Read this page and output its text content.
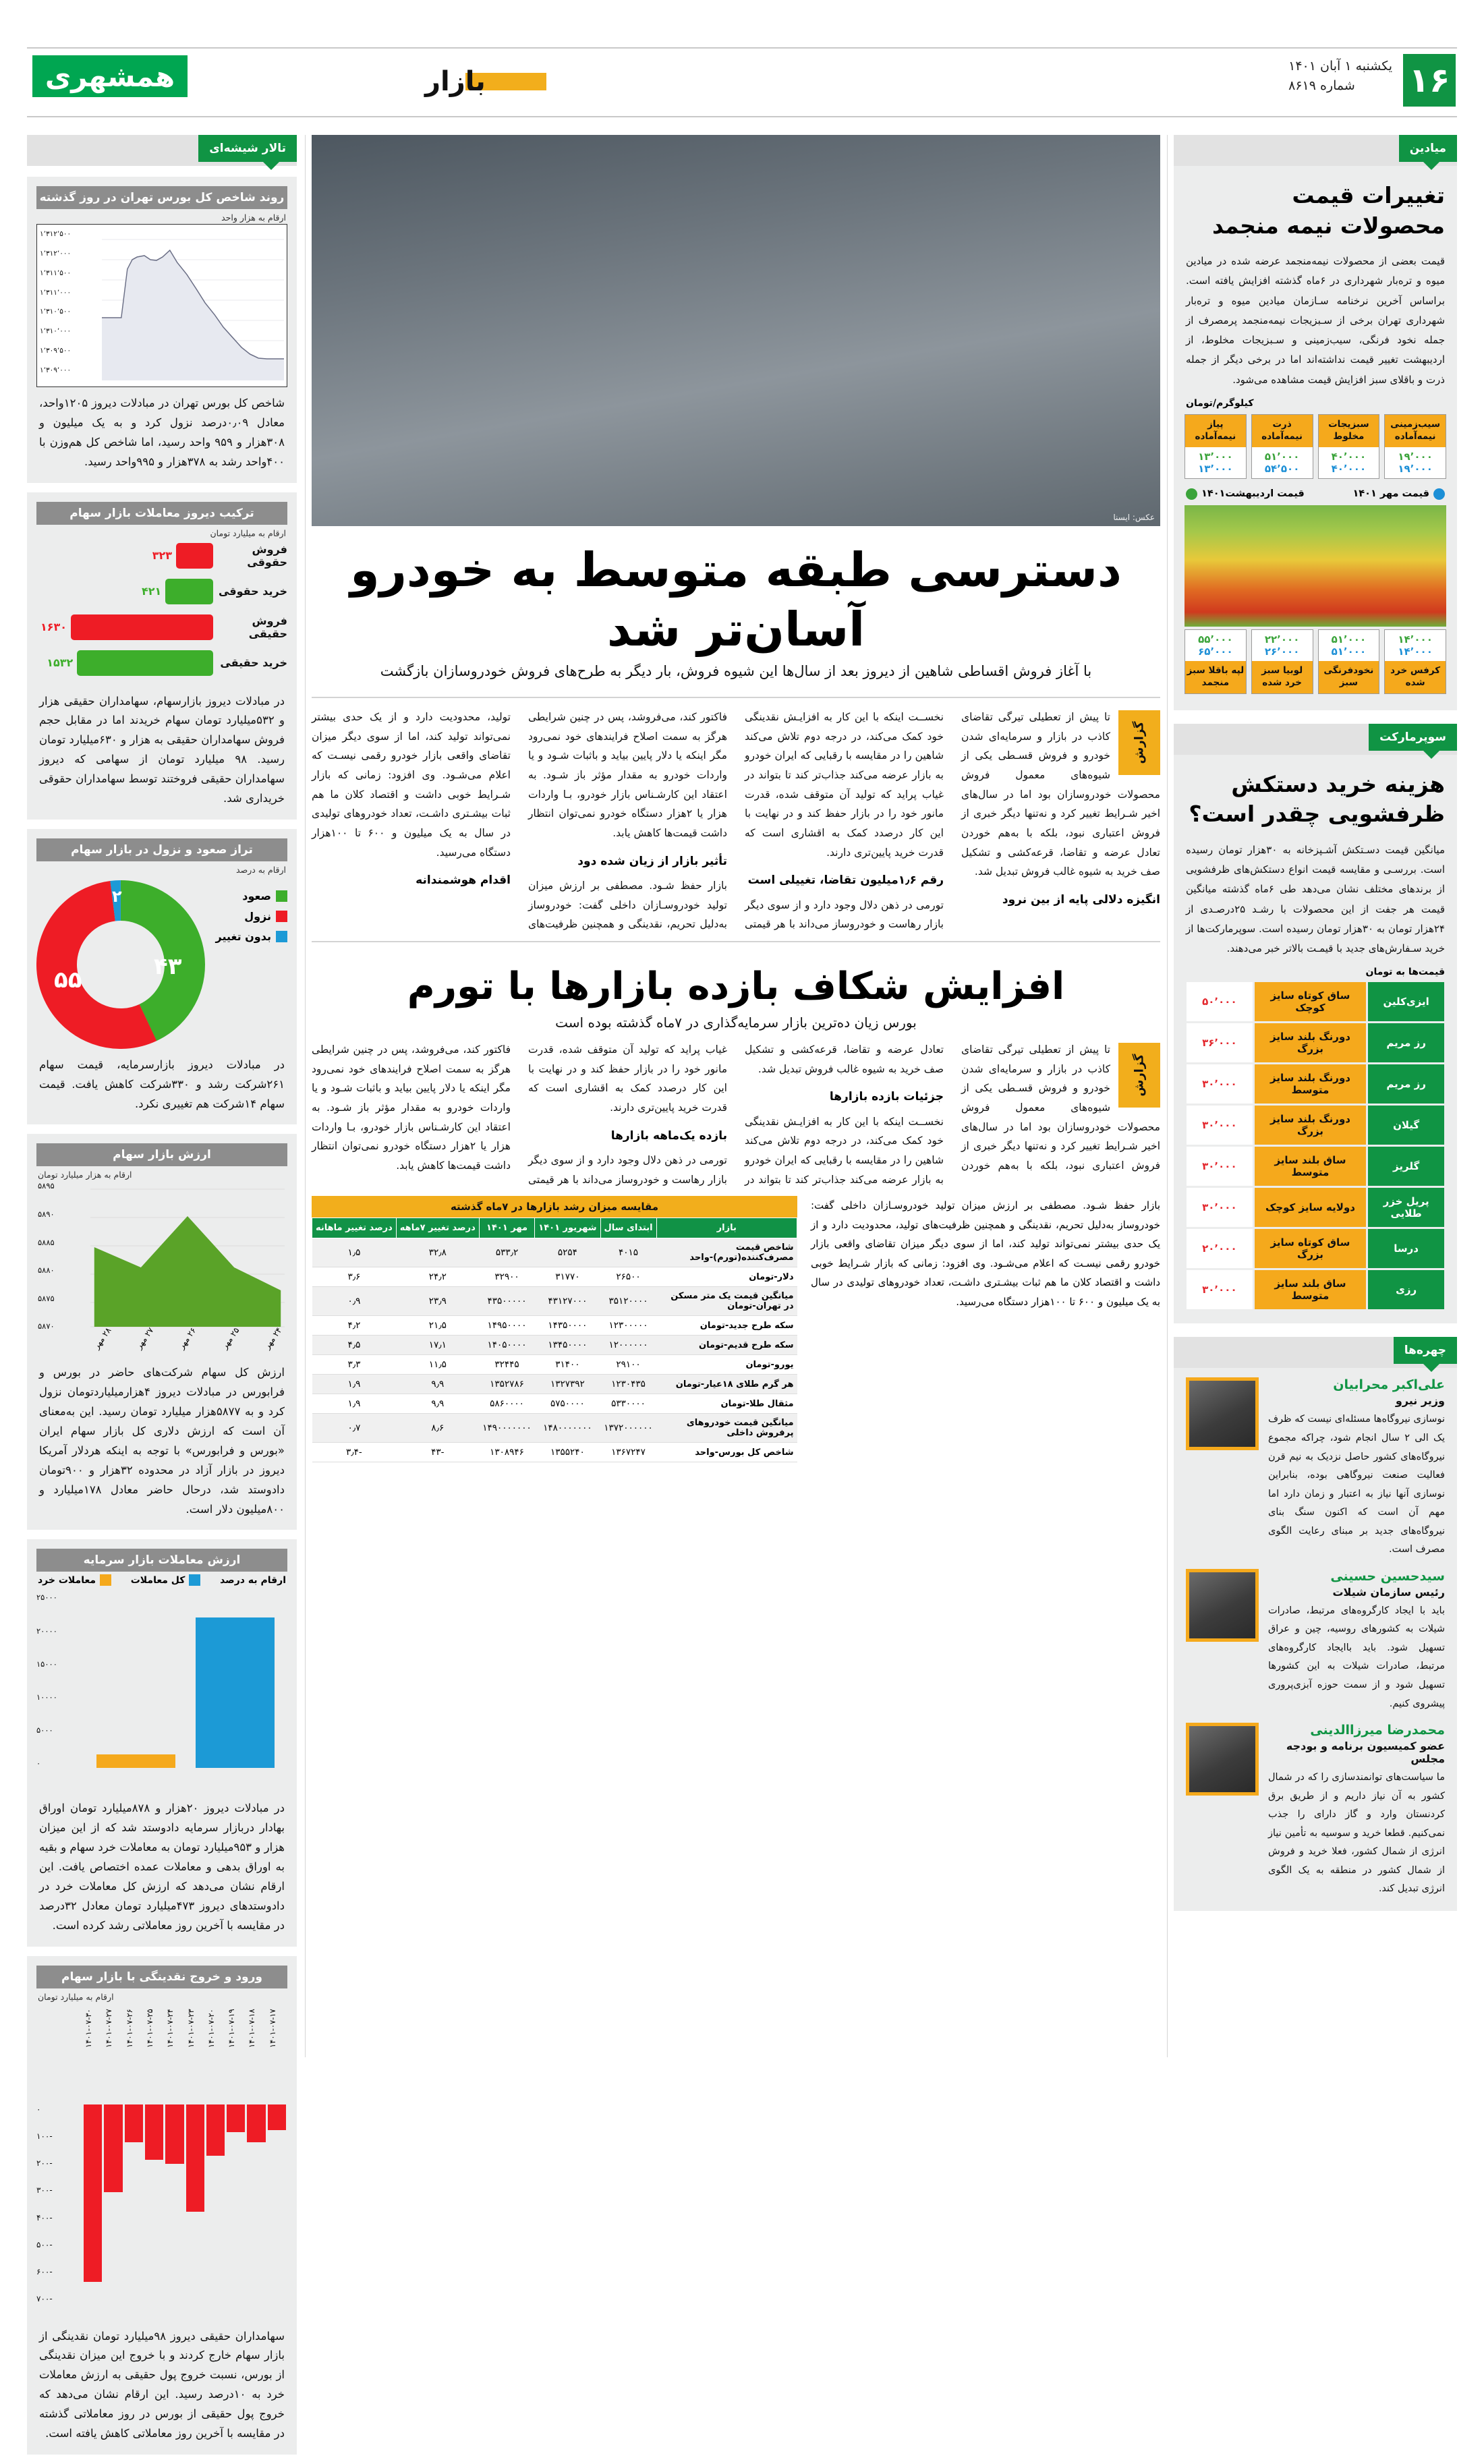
همشهری	بازار	۱۶
یکشنبه ۱ آبان ۱۴۰۱
شماره ۸۶۱۹
میادین
تغییرات قیمت محصولات نیمه منجمد
قیمت بعضی از محصولات نیمه‌منجمد عرضه شده در میادین میوه و تره‌بار شهرداری در ۶ماه گذشته افزایش یافته است. براساس آخرین نرخنامه سـازمان میادین میوه و تره‌بار شهرداری تهران برخی از سـبزیجات نیمه‌منجمد پرمصرف از جمله نخود فرنگی، سیب‌زمینی و سـبزیجات مخلوط، از اردیبهشت تغییر قیمت نداشته‌اند اما در برخی دیگر از جمله ذرت و باقلای سبز افزایش قیمت مشاهده می‌شود.
کیلوگرم/تومان
سیب‌زمینی نیمه‌آماده
۱۹٬۰۰۰
۱۹٬۰۰۰
سبزیجات مخلوط
۴۰٬۰۰۰
۴۰٬۰۰۰
ذرت نیمه‌آماده
۵۱٬۰۰۰
۵۴٬۵۰۰
پیاز نیمه‌آماده
۱۳٬۰۰۰
۱۳٬۰۰۰
قیمت مهر ۱۴۰۱
قیمت اردیبهشت۱۴۰۱
کرفس خرد شده
۱۴٬۰۰۰
۱۴٬۰۰۰
نخودفرنگی سبز
۵۱٬۰۰۰
۵۱٬۰۰۰
لوبیا سبز خرد شده
۲۶٬۰۰۰
۲۲٬۰۰۰
لپه باقلا سبز منجمد
۶۵٬۰۰۰
۵۵٬۰۰۰
سوپرمارکت
هزینه خرید دستکش ظرفشویی چقدر است؟
میانگین قیمت دسـتکش آشـپزخانه به ۳۰هزار تومان رسیده است. بررسـی و مقایسه قیمت انواع دستکش‌های ظرفشویی از برندهای مختلف نشان می‌دهد طی ۶ماه گذشته میانگین قیمت هر جفت از این محصولات با رشـد ۲۵درصـدی از ۲۴هزار تومان به ۳۰هزار تومان رسیده است. سوپرمارکت‌ها از خرید سـفارش‌های جدید با قیمـت بالاتر خبر می‌دهند.
قیمت‌ها به تومان
ایزی‌کلین	ساق کوتاه سایز کوچک	۵۰٬۰۰۰
رز مریم	دورنگ بلند سایز بزرگ	۳۶٬۰۰۰
رز مریم	دورنگ بلند سایز متوسط	۳۰٬۰۰۰
گیلان	دورنگ بلند سایز بزرگ	۳۰٬۰۰۰
گلریز	ساق بلند سایز متوسط	۳۰٬۰۰۰
پریل خزر طلایی	دولایه سایز کوچک	۳۰٬۰۰۰
درسا	ساق کوتاه سایز بزرگ	۲۰٬۰۰۰
رزی	ساق بلند سایز متوسط	۳۰٬۰۰۰
چهره‌ها
علی‌اکبر محرابیان
وزیر نیرو
نوسازی نیروگاه‌ها مسئله‌ای نیست که ظرف یک الی ۲ سال انجام شود، چراکه مجموع نیروگاه‌های کشور حاصل نزدیک به نیم قرن فعالیت صنعت نیروگاهی بوده، بنابراین نوسازی آنها نیاز به اعتبار و زمان دارد اما مهم آن است که اکنون سنگ بنای نیروگاه‌های جدید بر مبنای رعایت الگوی مصرف است.
سیدحسین حسینی
رئیس سازمان شیلات
باید با ایجاد کارگروه‌های مرتبط، صادرات شیلات به کشورهای روسیه، چین و عراق تسهیل شود. باید باایجاد کارگروه‌های مرتبط، صادرات شیلات به این کشورها تسهیل شود و از سمت حوزه آبزی‌پروری پیشروی کنیم.
محمدرضا میرزاالدینی
عضو کمیسیون برنامه و بودجه مجلس
ما سیاست‌های توانمندسازی را که در شمال کشور به آن نیاز داریم و از طریق برق کردنستان وارد و گاز دارای را جذب نمی‌کنیم. قطعا خرید و سوسیه به تأمین نیاز انرژی از شمال کشور، فعلا خرید و فروش از شمال کشور در منطقه به یک الگوی انرژی تبدیل کند.
عکس: ایسنا
دسترسی طبقه متوسط به خودرو آسان‌تر شد
با آغاز فروش اقساطی شاهین از دیروز بعد از سال‌ها این شیوه فروش، بار دیگر به طرح‌های فروش خودروسازان بازگشت
گزارش

تا پیش از تعطیلی تیرگی تقاضای کاذب در بازار و سرمایه‌ای شدن خودرو و فروش قسـطی یکی از شیوه‌های معمول فروش محصولات خودروسازان بود اما در سال‌های اخیر شـرایط تغییر کرد و نه‌تنها دیگر خبری از فروش اعتباری نبود، بلکه با به‌هم خوردن تعادل عرضه و تقاضا، قرعه‌کشی و تشکیل صف خرید به شیوه غالب فروش تبدیل شد.

انگیزه دلالی پایه از بین نرود

نخســت اینکه با این کار به افزایـش نقدینگی خود کمک می‌کند، در درجه دوم تلاش می‌کند شاهین را در مقایسه با رقبایی که ایران خودرو به بازار عرضه می‌کند جذاب‌تر کند تا بتواند در غیاب پراید که تولید آن متوقف شده، قدرت مانور خود را در بازار حفظ کند و در نهایت با این کار درصدد کمک به اقشاری است که قدرت خرید پایین‌تری دارند.

رقم ۱٫۶میلیون تقاضا، تغییلی است

تورمی در ذهن دلال وجود دارد و از سوی دیگر بازار رهاست و خودروساز می‌داند با هر قیمتی فاکتور کند، می‌فروشد، پس در چنین شرایطی هرگز به سمت اصلاح فرایندهای خود نمی‌رود مگر اینکه یا دلار پایین بیاید و باثبات شـود و یا واردات خودرو به مقدار مؤثر باز شـود. به اعتقاد این کارشـناس بازار خودرو، بـا واردات هزار یا ۲هزار دستگاه خودرو نمی‌توان انتظار داشت قیمت‌ها کاهش یابد.

تأثیر بازار از زیان شده دود

بازار حفظ شـود. مصطفی بر ارزش میزان تولید خودروسـازان داخلی گفت: خودروساز به‌دلیل تحریم، نقدینگی و همچنین ظرفیت‌های تولید، محدودیت دارد و از یک حدی بیشتر نمی‌تواند تولید کند، اما از سوی دیگر میزان تقاضای واقعی بازار خودرو رقمی نیسـت که اعلام می‌شـود. وی افزود: زمانی که بازار شـرایط خوبی داشت و اقتصاد کلان ما هم ثبات بیشـتری داشـت، تعداد خودروهای تولیدی در سال به یک میلیون و ۶۰۰ تا ۱۰۰هزار دستگاه می‌رسید.

اقدام هوشمندانه
افزایش شکاف بازده بازارها با تورم
بورس زیان ده‌ترین بازار سرمایه‌گذاری در ۷ماه گذشته بوده است
گزارش

تا پیش از تعطیلی تیرگی تقاضای کاذب در بازار و سرمایه‌ای شدن خودرو و فروش قسـطی یکی از شیوه‌های معمول فروش محصولات خودروسازان بود اما در سال‌های اخیر شـرایط تغییر کرد و نه‌تنها دیگر خبری از فروش اعتباری نبود، بلکه با به‌هم خوردن تعادل عرضه و تقاضا، قرعه‌کشی و تشکیل صف خرید به شیوه غالب فروش تبدیل شد.

جزئیات بازده بازارها

نخســت اینکه با این کار به افزایـش نقدینگی خود کمک می‌کند، در درجه دوم تلاش می‌کند شاهین را در مقایسه با رقبایی که ایران خودرو به بازار عرضه می‌کند جذاب‌تر کند تا بتواند در غیاب پراید که تولید آن متوقف شده، قدرت مانور خود را در بازار حفظ کند و در نهایت با این کار درصدد کمک به اقشاری است که قدرت خرید پایین‌تری دارند.

بازده یک‌ماهه بازارها

تورمی در ذهن دلال وجود دارد و از سوی دیگر بازار رهاست و خودروساز می‌داند با هر قیمتی فاکتور کند، می‌فروشد، پس در چنین شرایطی هرگز به سمت اصلاح فرایندهای خود نمی‌رود مگر اینکه یا دلار پایین بیاید و باثبات شـود و یا واردات خودرو به مقدار مؤثر باز شـود. به اعتقاد این کارشـناس بازار خودرو، بـا واردات هزار یا ۲هزار دستگاه خودرو نمی‌توان انتظار داشت قیمت‌ها کاهش یابد.

بازار حفظ شـود. مصطفی بر ارزش میزان تولید خودروسـازان داخلی گفت: خودروساز به‌دلیل تحریم، نقدینگی و همچنین ظرفیت‌های تولید، محدودیت دارد و از یک حدی بیشتر نمی‌تواند تولید کند، اما از سوی دیگر میزان تقاضای واقعی بازار خودرو رقمی نیسـت که اعلام می‌شـود. وی افزود: زمانی که بازار شـرایط خوبی داشت و اقتصاد کلان ما هم ثبات بیشـتری داشـت، تعداد خودروهای تولیدی در سال به یک میلیون و ۶۰۰ تا ۱۰۰هزار دستگاه می‌رسید.
مقایسه میزان رشد بازارها در ۷ماه گذشته
بازار	ابتدای سال	شهریور ۱۴۰۱	مهر ۱۴۰۱	درصد تغییر ۷ماهه	درصد تغییر ماهانه
شاخص قیمت مصرف‌کننده(تورم)-واحد	۴۰۱۵	۵۲۵۴	۵۳۳٫۲	۳۲٫۸	۱٫۵
دلار-تومان	۲۶۵۰۰	۳۱۷۷۰	۳۲۹۰۰	۲۴٫۲	۳٫۶
میانگین قیمت یک متر مسکن در تهران-تومان	۳۵۱۲۰۰۰۰	۴۳۱۲۷۰۰۰	۴۳۵۰۰۰۰۰	۲۳٫۹	۰٫۹
سکه طرح جدید-تومان	۱۲۳۰۰۰۰۰	۱۴۳۵۰۰۰۰	۱۴۹۵۰۰۰۰	۲۱٫۵	۴٫۲
سکه طرح قدیم-تومان	۱۲۰۰۰۰۰۰	۱۳۴۵۰۰۰۰	۱۴۰۵۰۰۰۰	۱۷٫۱	۴٫۵
یورو-تومان	۲۹۱۰۰	۳۱۴۰۰	۳۲۴۴۵	۱۱٫۵	۳٫۳
هر گرم طلای ۱۸عیار-تومان	۱۲۳۰۴۳۵	۱۳۲۷۳۹۲	۱۳۵۲۷۸۶	۹٫۹	۱٫۹
مثقال طلا-تومان	۵۳۳۰۰۰۰	۵۷۵۰۰۰۰	۵۸۶۰۰۰۰	۹٫۹	۱٫۹
میانگین قیمت خودروهای پرفروش داخلی	۱۳۷۲۰۰۰۰۰۰	۱۴۸۰۰۰۰۰۰۰	۱۴۹۰۰۰۰۰۰۰	۸٫۶	۰٫۷
شاخص کل بورس-واحد	۱۳۶۷۲۴۷	۱۳۵۵۲۴۰	۱۳۰۸۹۴۶	-۴۳	-۳٫۴
تالار شیشه‌ای
روند شاخص کل بورس تهران در روز گذشته
ارقام به هزار واحد
۱٬۳۱۲٬۵۰۰
۱٬۳۱۲٬۰۰۰
۱٬۳۱۱٬۵۰۰
۱٬۳۱۱٬۰۰۰
۱٬۳۱۰٬۵۰۰
۱٬۳۱۰٬۰۰۰
۱٬۳۰۹٬۵۰۰
۱٬۳۰۹٬۰۰۰
شاخص کل بورس تهران در مبادلات دیروز ۱۲۰۵واحد، معادل ۰٫۰۹درصد نزول کرد و به یک میلیون و ۳۰۸هزار و ۹۵۹ واحد رسید، اما شاخص کل هم‌وزن با ۴۰۰واحد رشد به ۳۷۸هزار و ۹۹۵واحد رسید.
ترکیب دیروز معاملات بازار سهام
ارقام به میلیارد تومان
فروش حقوقی
۳۲۳
خرید حقوقی
۴۲۱
فروش حقیقی
۱۶۳۰
خرید حقیقی
۱۵۳۲
در مبادلات دیروز بازارسهام، سهامداران حقیقی هزار و ۵۳۲میلیارد تومان سهام خریدند اما در مقابل حجم فروش سهامداران حقیقی به هزار و ۶۳۰میلیارد تومان رسید. ۹۸ میلیارد تومان از سهامی که دیروز سهامداران حقیقی فروختند توسط سهامداران حقوقی خریداری شد.
تراز صعود و نزول در بازار سهام
ارقام به درصد
صعود
نزول
بدون تغییر
۴۳
۵۵
۲
در مبادلات دیروز بازارسرمایه، قیمت سهام ۲۶۱شرکت رشد و ۳۳۰شرکت کاهش یافت. قیمت سهام ۱۴شرکت هم تغییری نکرد.
ارزش بازار سهام
ارقام به هزار میلیارد تومان
۵۸۹۵
۵۸۹۰
۵۸۸۵
۵۸۸۰
۵۸۷۵
۵۸۷۰
۲۴ مهر
۲۵ مهر
۲۶ مهر
۲۷ مهر
۲۸ مهر
ارزش کل سهام شرکت‌های حاضر در بورس و فرابورس در مبادلات دیروز ۴هزارمیلیاردتومان نزول کرد و به ۵۸۷۷هزار میلیارد تومان رسید. این به‌معنای آن است که ارزش دلاری کل بازار سهام ایران «بورس و فرابورس» با توجه به اینکه هردلار آمریکا دیروز در بازار آزاد در محدوده ۳۲هزار و ۹۰۰تومان دادوستد شد، درحال حاضر معادل ۱۷۸میلیارد و ۸۰۰میلیون دلار است.
ارزش معاملات بازار سرمایه
ارقام به درصد
کل معاملات
معاملات خرد
۲۵۰۰۰
۲۰۰۰۰
۱۵۰۰۰
۱۰۰۰۰
۵۰۰۰
۰
در مبادلات دیروز ۲۰هزار و ۸۷۸میلیارد تومان اوراق بهادار دربازار سرمایه دادوستد شد که از این میزان هزار و ۹۵۳میلیارد تومان به معاملات خرد سهام و بقیه به اوراق بدهی و معاملات عمده اختصاص یافت. این ارقام نشان می‌دهد که ارزش کل معاملات خرد در دادوستدهای دیروز ۴۷۳میلیارد تومان معادل ۳۲درصد در مقایسه با آخرین روز معاملاتی رشد کرده است.
ورود و خروج نقدینگی با بازار سهام
ارقام به میلیارد تومان
۱۴۰۱-۰۷-۱۷
۱۴۰۱-۰۷-۱۸
۱۴۰۱-۰۷-۱۹
۱۴۰۱-۰۷-۲۰
۱۴۰۱-۰۷-۲۳
۱۴۰۱-۰۷-۲۴
۱۴۰۱-۰۷-۲۵
۱۴۰۱-۰۷-۲۶
۱۴۰۱-۰۷-۲۷
۱۴۰۱-۰۷-۳۰
۰
-۱۰۰
-۲۰۰
-۳۰۰
-۴۰۰
-۵۰۰
-۶۰۰
-۷۰۰
سهامداران حقیقی دیروز ۹۸میلیارد تومان نقدینگی از بازار سهام خارج کردند و با خروج این میزان نقدینگی از بورس، نسبت خروج پول حقیقی به ارزش معاملات خرد به ۱۰درصد رسید. این ارقام نشان می‌دهد که خروج پول حقیقی از بورس در روز معاملاتی گذشته در مقایسه با آخرین روز معاملاتی کاهش یافته است.
